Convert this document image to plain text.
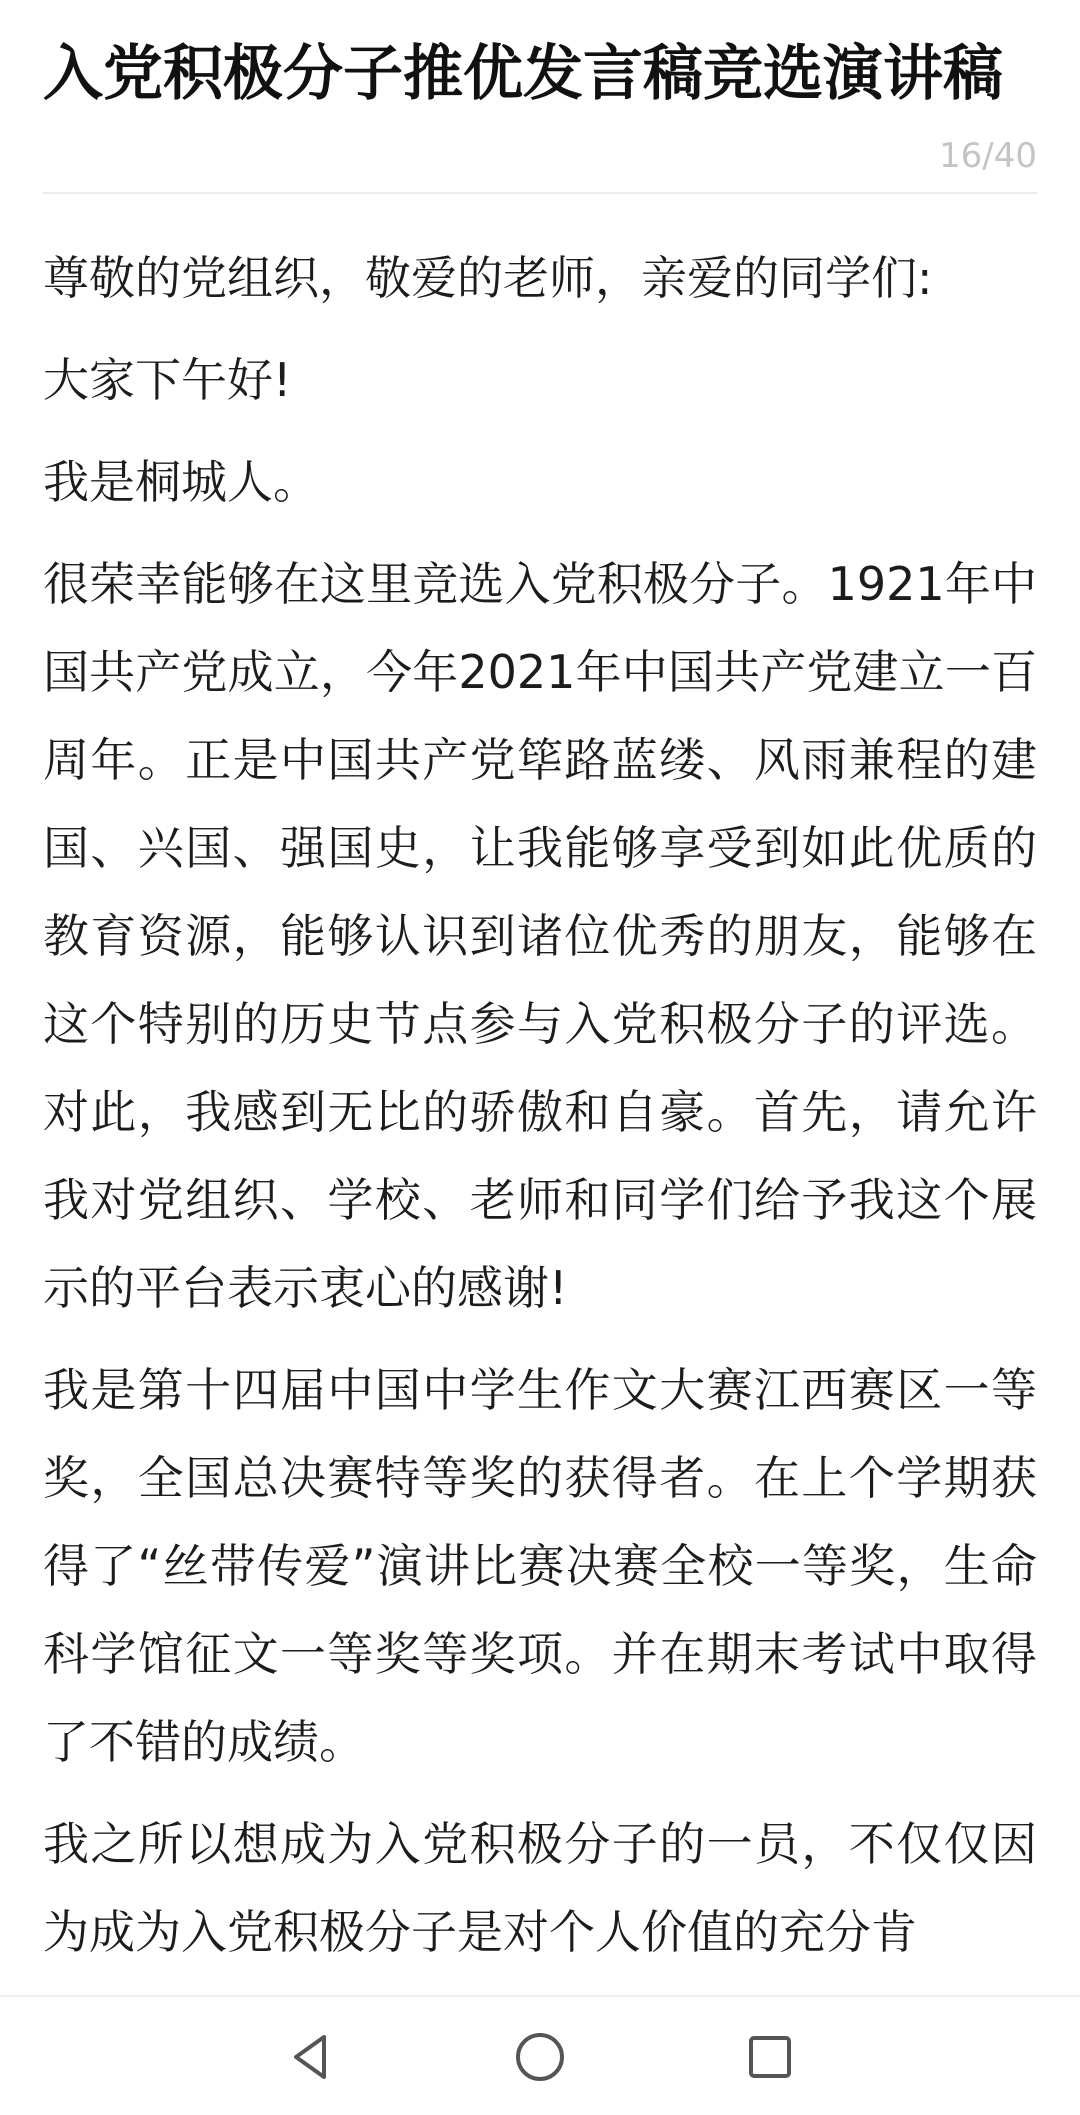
入党积极分子推优发言稿竞选演讲稿
16/40

尊敬的党组织，敬爱的老师，亲爱的同学们:

大家下午好!

我是桐城人。

很荣幸能够在这里竞选入党积极分子。1921年中国共产党成立，今年2021年中国共产党建立一百周年。正是中国共产党筚路蓝缕、风雨兼程的建国、兴国、强国史，让我能够享受到如此优质的教育资源，能够认识到诸位优秀的朋友，能够在这个特别的历史节点参与入党积极分子的评选。对此，我感到无比的骄傲和自豪。首先，请允许我对党组织、学校、老师和同学们给予我这个展示的平台表示衷心的感谢!

我是第十四届中国中学生作文大赛江西赛区一等奖，全国总决赛特等奖的获得者。在上个学期获得了“丝带传爱”演讲比赛决赛全校一等奖，生命科学馆征文一等奖等奖项。并在期末考试中取得了不错的成绩。

我之所以想成为入党积极分子的一员，不仅仅因为成为入党积极分子是对个人价值的充分肯
